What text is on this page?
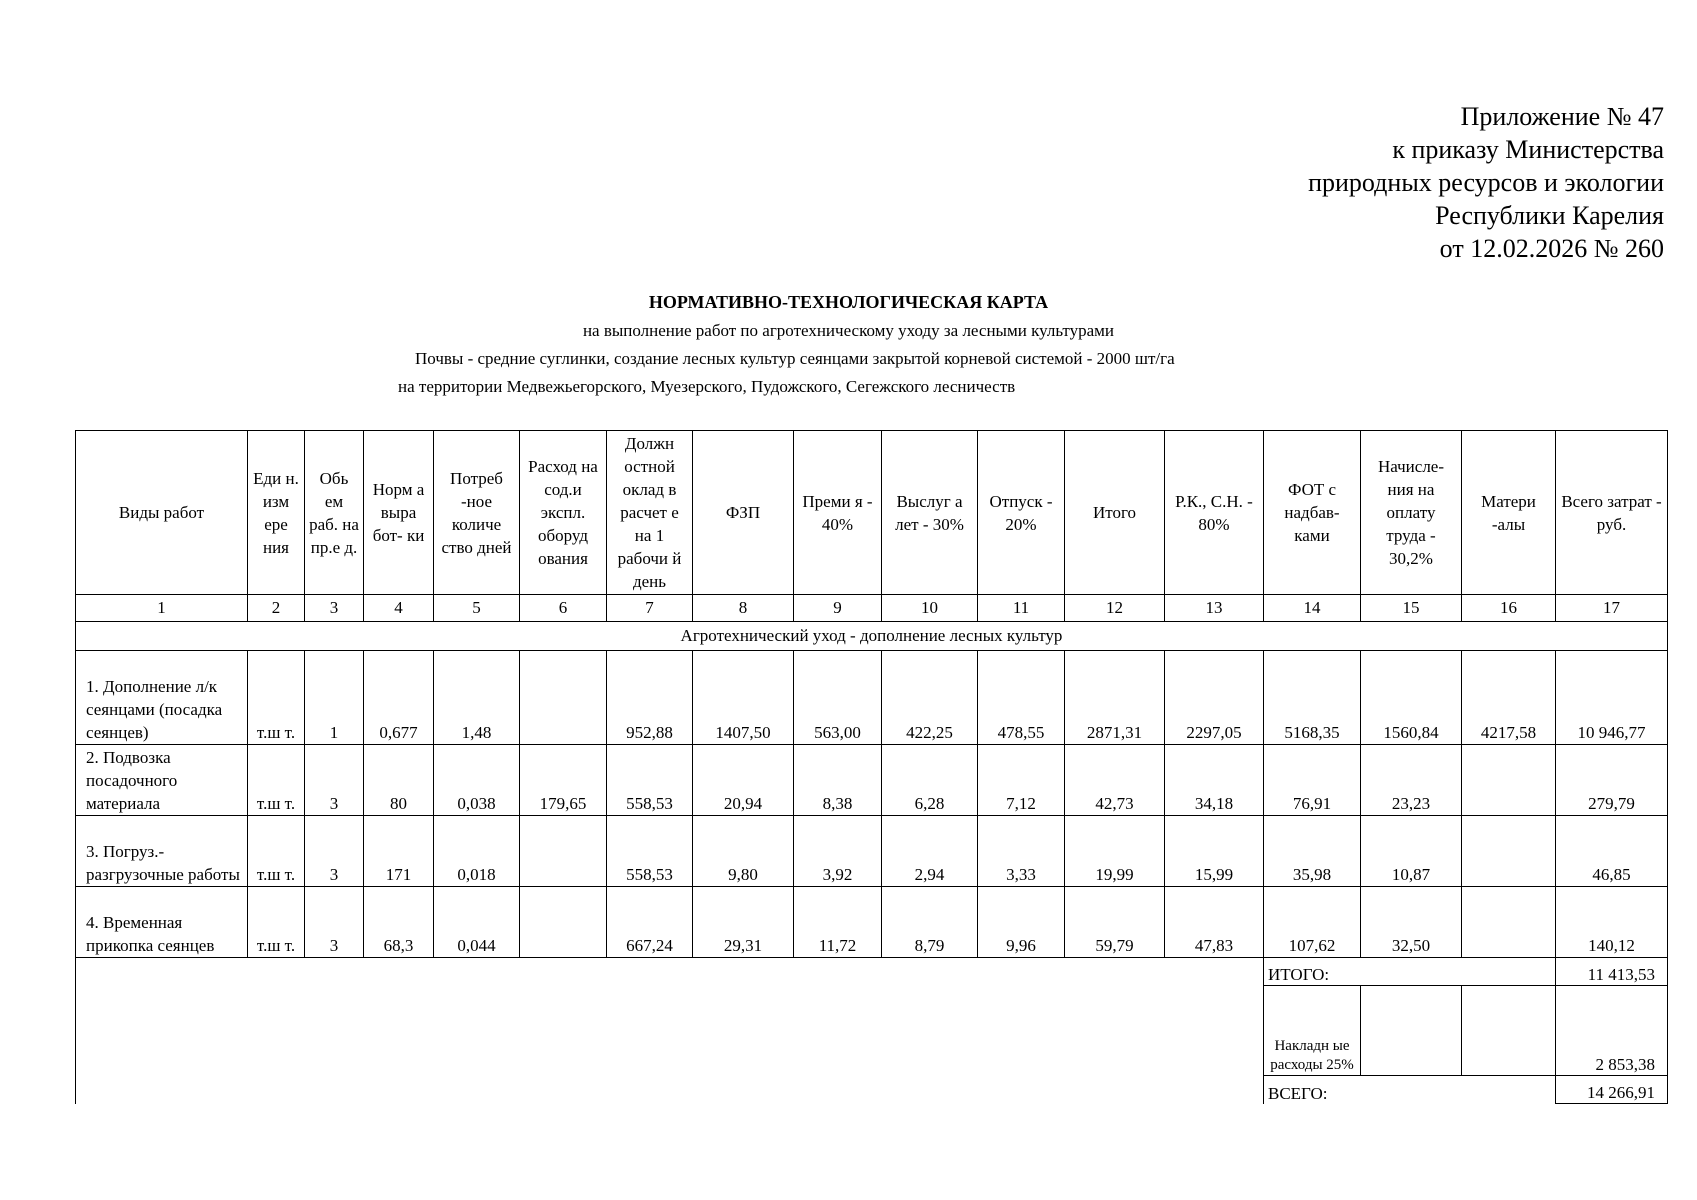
Приложение № 47
к приказу Министерства
природных ресурсов и экологии
Республики Карелия
от 12.02.2026 № 260
НОРМАТИВНО-ТЕХНОЛОГИЧЕСКАЯ КАРТА
на выполнение работ по агротехническому уходу за лесными культурами
Почвы - средние суглинки, создание лесных культур сеянцами закрытой корневой системой - 2000 шт/га
на территории Медвежьегорского, Муезерского, Пудожского, Сегежского лесничеств
Виды работ	Еди н. изм ере ния	Обь ем раб. на пр.е д.	Норм а выра бот- ки	Потреб -ное количе ство дней	Расход на сод.и экспл. оборуд ования	Должн остной оклад в расчет е на 1 рабочи й день	ФЗП	Преми я - 40%	Выслуг а лет - 30%	Отпуск - 20%	Итого	Р.К., С.Н. - 80%	ФОТ с надбав- ками	Начисле- ния на оплату труда - 30,2%	Матери -алы	Всего затрат - руб.
1	2	3	4	5	6	7	8	9	10	11	12	13	14	15	16	17
Агротехнический уход - дополнение лесных культур																
1. Дополнение л/к сеянцами (посадка сеянцев)	т.ш т.	1	0,677	1,48		952,88	1407,50	563,00	422,25	478,55	2871,31	2297,05	5168,35	1560,84	4217,58	10 946,77
2. Подвозка посадочного материала	т.ш т.	3	80	0,038	179,65	558,53	20,94	8,38	6,28	7,12	42,73	34,18	76,91	23,23		279,79
3. Погруз.-разгрузочные работы	т.ш т.	3	171	0,018		558,53	9,80	3,92	2,94	3,33	19,99	15,99	35,98	10,87		46,85
4. Временная прикопка сеянцев	т.ш т.	3	68,3	0,044		667,24	29,31	11,72	8,79	9,96	59,79	47,83	107,62	32,50		140,12
													ИТОГО:			11 413,53
													Накладн ые расходы 25%			2 853,38
													ВСЕГО:			14 266,91
